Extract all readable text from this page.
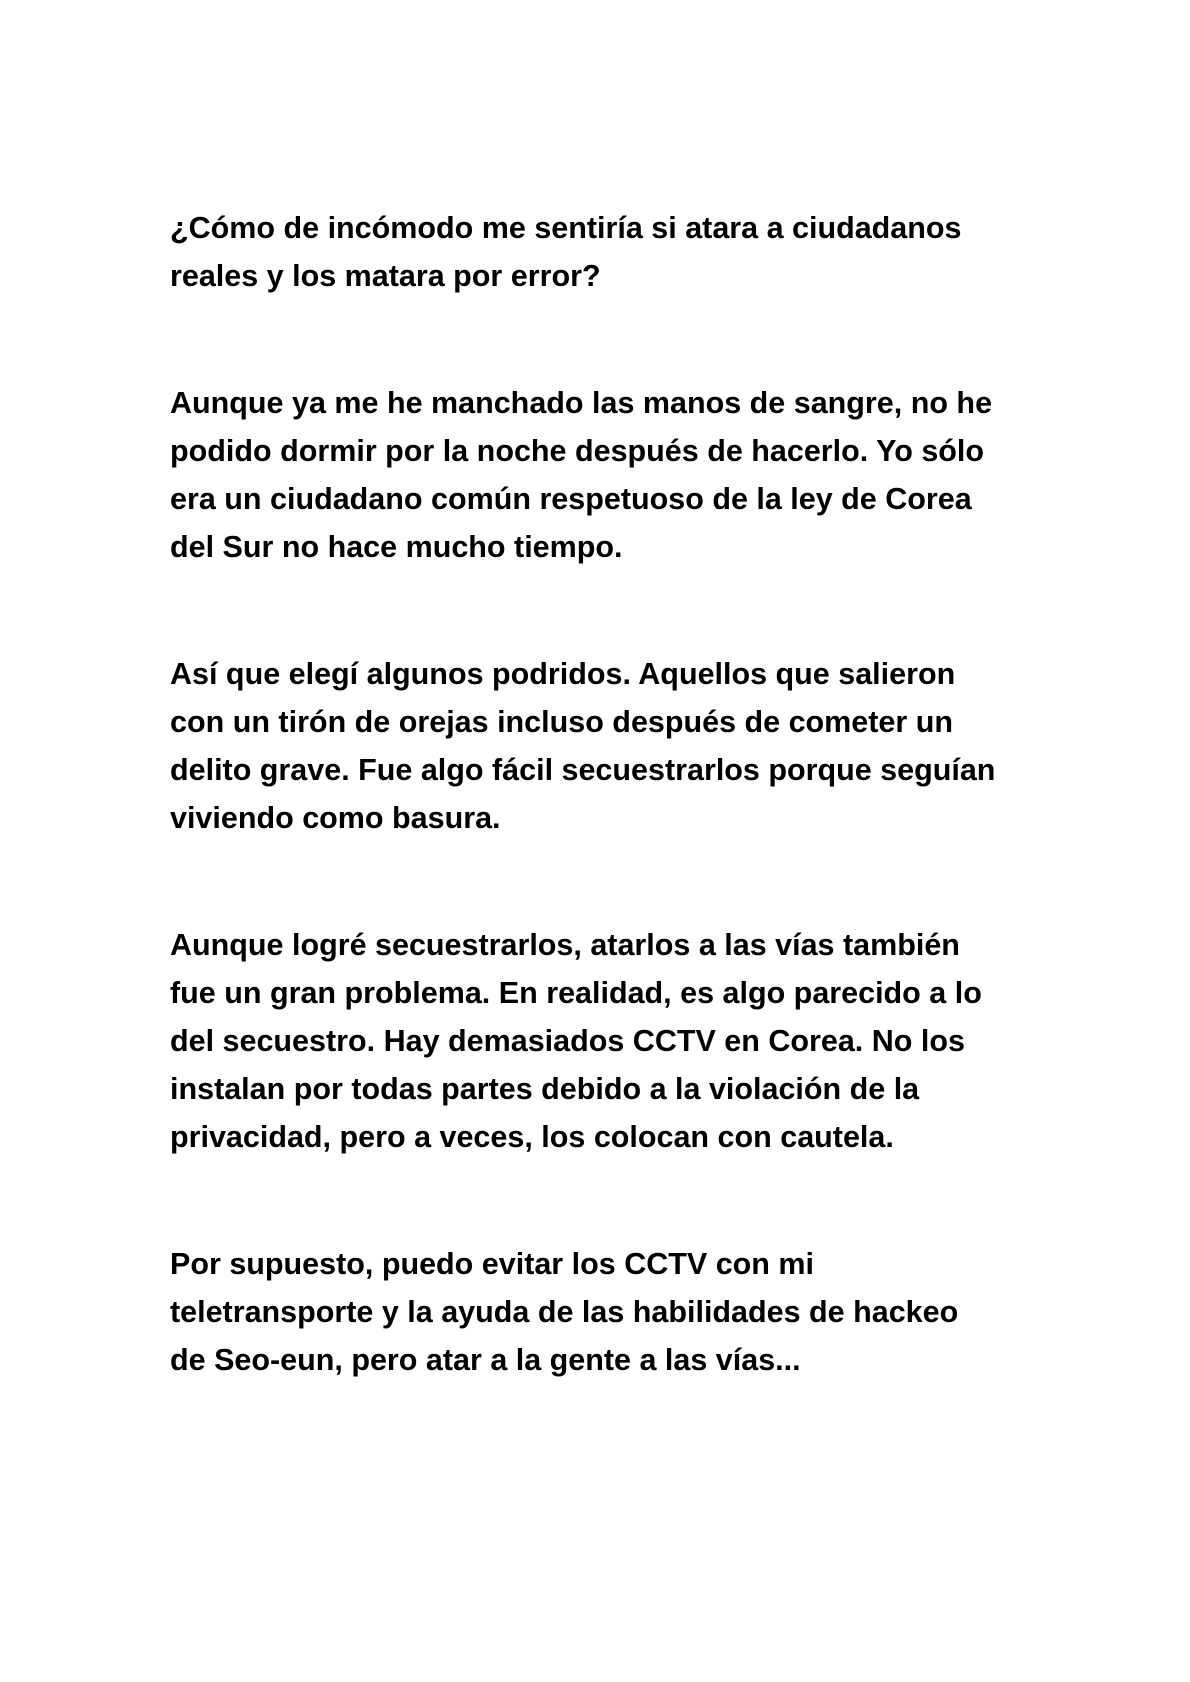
¿Cómo de incómodo me sentiría si atara a ciudadanos
reales y los matara por error?

Aunque ya me he manchado las manos de sangre, no he
podido dormir por la noche después de hacerlo. Yo sólo
era un ciudadano común respetuoso de la ley de Corea
del Sur no hace mucho tiempo.

Así que elegí algunos podridos. Aquellos que salieron
con un tirón de orejas incluso después de cometer un
delito grave. Fue algo fácil secuestrarlos porque seguían
viviendo como basura.

Aunque logré secuestrarlos, atarlos a las vías también
fue un gran problema. En realidad, es algo parecido a lo
del secuestro. Hay demasiados CCTV en Corea. No los
instalan por todas partes debido a la violación de la
privacidad, pero a veces, los colocan con cautela.

Por supuesto, puedo evitar los CCTV con mi
teletransporte y la ayuda de las habilidades de hackeo
de Seo-eun, pero atar a la gente a las vías...
